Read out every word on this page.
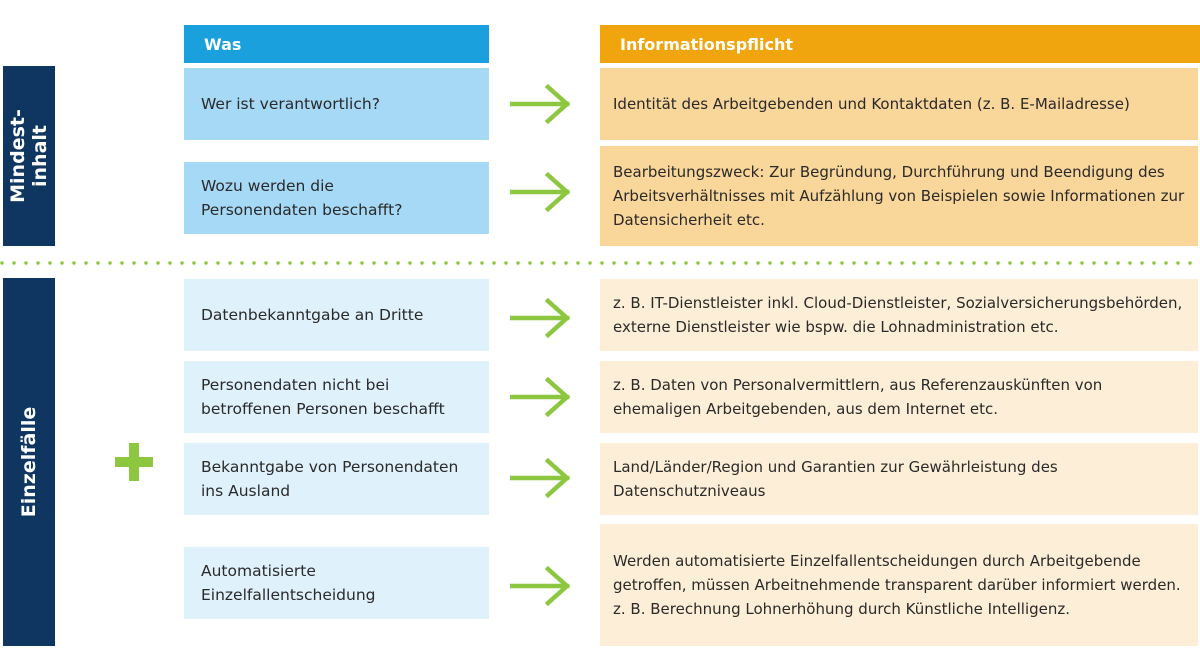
Was	Informationspflicht
Mindest- inhalt
Einzelfälle
Wer ist verantwortlich?	Identität des Arbeitgebenden und Kontaktdaten (z. B. E-Mailadresse)
Wozu werden die Personendaten beschafft?
Bearbeitungszweck: Zur Begründung, Durchführung und Beendigung des Arbeitsverhältnisses mit Aufzählung von Beispielen sowie Informationen zur Datensicherheit etc.
Datenbekanntgabe an Dritte
z. B. IT-Dienstleister inkl. Cloud-Dienstleister, Sozialversicherungsbehörden, externe Dienstleister wie bspw. die Lohnadministration etc.
Personendaten nicht bei betroffenen Personen beschafft
z. B. Daten von Personalvermittlern, aus Referenzauskünften von ehemaligen Arbeitgebenden, aus dem Internet etc.
Bekanntgabe von Personendaten ins Ausland
Land/Länder/Region und Garantien zur Gewährleistung des Datenschutzniveaus
Automatisierte Einzelfallentscheidung
Werden automatisierte Einzelfallentscheidungen durch Arbeitgebende getroffen, müssen Arbeitnehmende transparent darüber informiert werden. z. B. Berechnung Lohnerhöhung durch Künstliche Intelligenz.
